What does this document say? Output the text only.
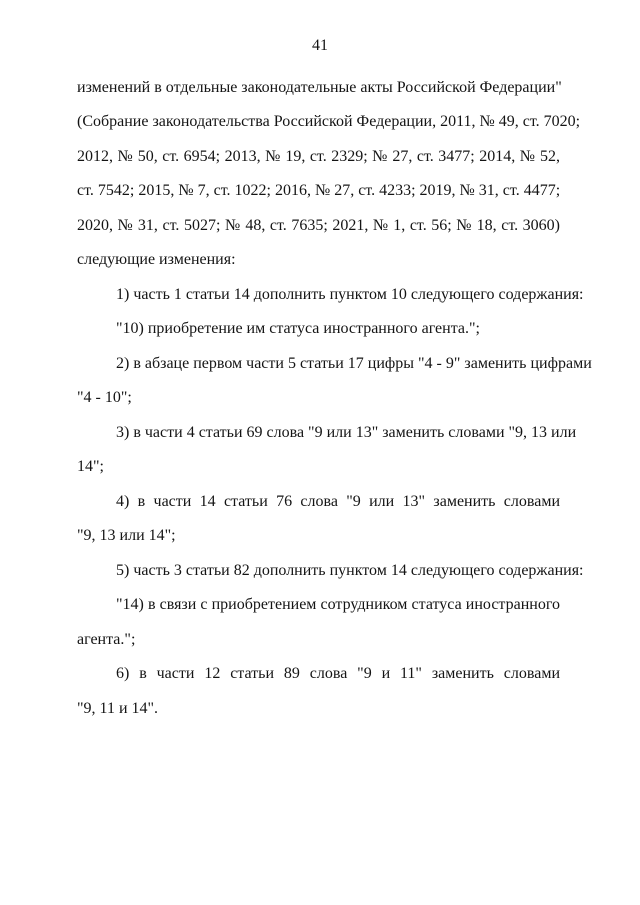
41
изменений в отдельные законодательные акты Российской Федерации"
(Собрание законодательства Российской Федерации, 2011, № 49, ст. 7020;
2012, № 50, ст. 6954; 2013, № 19, ст. 2329; № 27, ст. 3477; 2014, № 52,
ст. 7542; 2015, № 7, ст. 1022; 2016, № 27, ст. 4233; 2019, № 31, ст. 4477;
2020, № 31, ст. 5027; № 48, ст. 7635; 2021, № 1, ст. 56; № 18, ст. 3060)
следующие изменения:
1) часть 1 статьи 14 дополнить пунктом 10 следующего содержания:
"10) приобретение им статуса иностранного агента.";
2) в абзаце первом части 5 статьи 17 цифры "4 - 9" заменить цифрами
"4 - 10";
3) в части 4 статьи 69 слова "9 или 13" заменить словами "9, 13 или
14";
4) в части 14 статьи 76 слова "9 или 13" заменить словами
"9, 13 или 14";
5) часть 3 статьи 82 дополнить пунктом 14 следующего содержания:
"14) в связи с приобретением сотрудником статуса иностранного
агента.";
6) в части 12 статьи 89 слова "9 и 11" заменить словами
"9, 11 и 14".
